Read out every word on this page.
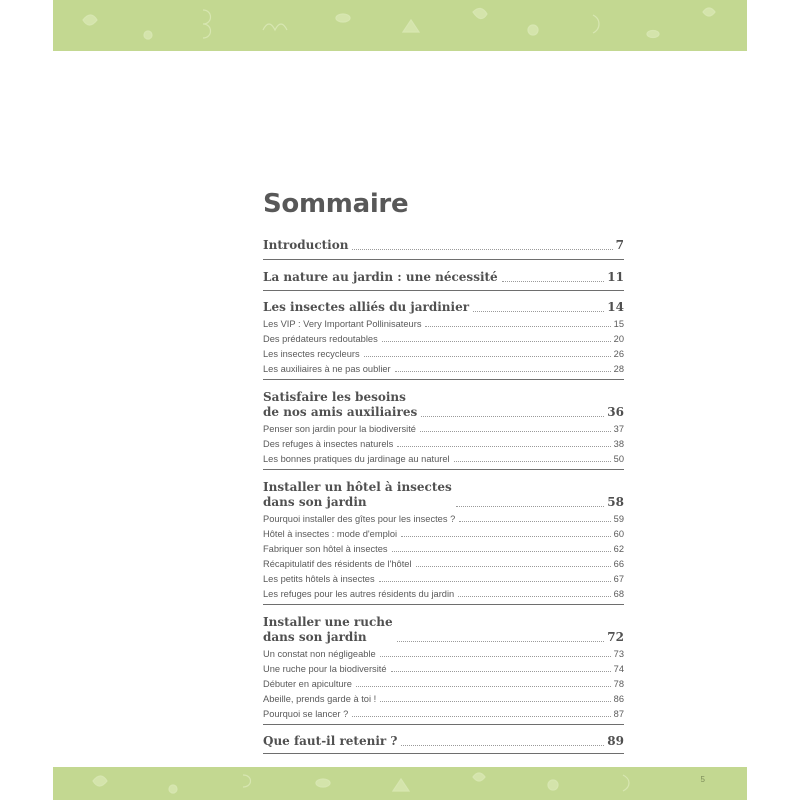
Sommaire
Introduction	7
La nature au jardin : une nécessité	11
Les insectes alliés du jardinier	14
Les VIP : Very Important Pollinisateurs	15
Des prédateurs redoutables	20
Les insectes recycleurs	26
Les auxiliaires à ne pas oublier	28
Satisfaire les besoins
de nos amis auxiliaires	36
Penser son jardin pour la biodiversité	37
Des refuges à insectes naturels	38
Les bonnes pratiques du jardinage au naturel	50
Installer un hôtel à insectes
dans son jardin	58
Pourquoi installer des gîtes pour les insectes ?	59
Hôtel à insectes : mode d'emploi	60
Fabriquer son hôtel à insectes	62
Récapitulatif des résidents de l'hôtel	66
Les petits hôtels à insectes	67
Les refuges pour les autres résidents du jardin	68
Installer une ruche
dans son jardin	72
Un constat non négligeable	73
Une ruche pour la biodiversité	74
Débuter en apiculture	78
Abeille, prends garde à toi !	86
Pourquoi se lancer ?	87
Que faut-il retenir ?	89
5
